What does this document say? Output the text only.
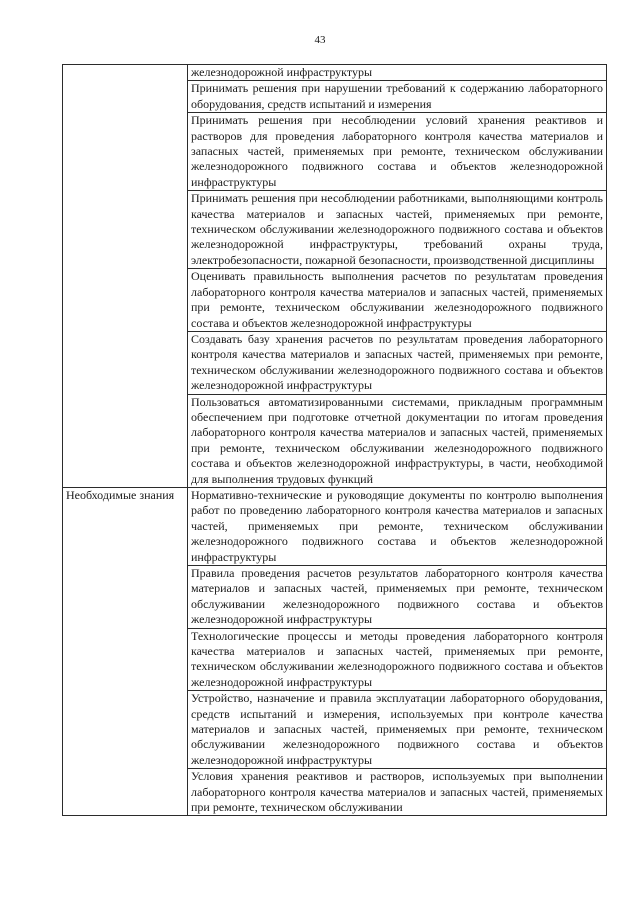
43
	железнодорожной инфраструктуры
	Принимать решения при нарушении требований к содержанию лабораторного оборудования, средств испытаний и измерения
	Принимать решения при несоблюдении условий хранения реактивов и растворов для проведения лабораторного контроля качества материалов и запасных частей, применяемых при ремонте, техническом обслуживании железнодорожного подвижного состава и объектов железнодорожной инфраструктуры
	Принимать решения при несоблюдении работниками, выполняющими контроль качества материалов и запасных частей, применяемых при ремонте, техническом обслуживании железнодорожного подвижного состава и объектов железнодорожной инфраструктуры, требований охраны труда, электробезопасности, пожарной безопасности, производственной дисциплины
	Оценивать правильность выполнения расчетов по результатам проведения лабораторного контроля качества материалов и запасных частей, применяемых при ремонте, техническом обслуживании железнодорожного подвижного состава и объектов железнодорожной инфраструктуры
	Создавать базу хранения расчетов по результатам проведения лабораторного контроля качества материалов и запасных частей, применяемых при ремонте, техническом обслуживании железнодорожного подвижного состава и объектов железнодорожной инфраструктуры
	Пользоваться автоматизированными системами, прикладным программным обеспечением при подготовке отчетной документации по итогам проведения лабораторного контроля качества материалов и запасных частей, применяемых при ремонте, техническом обслуживании железнодорожного подвижного состава и объектов железнодорожной инфраструктуры, в части, необходимой для выполнения трудовых функций
Необходимые знания	Нормативно-технические и руководящие документы по контролю выполнения работ по проведению лабораторного контроля качества материалов и запасных частей, применяемых при ремонте, техническом обслуживании железнодорожного подвижного состава и объектов железнодорожной инфраструктуры
	Правила проведения расчетов результатов лабораторного контроля качества материалов и запасных частей, применяемых при ремонте, техническом обслуживании железнодорожного подвижного состава и объектов железнодорожной инфраструктуры
	Технологические процессы и методы проведения лабораторного контроля качества материалов и запасных частей, применяемых при ремонте, техническом обслуживании железнодорожного подвижного состава и объектов железнодорожной инфраструктуры
	Устройство, назначение и правила эксплуатации лабораторного оборудования, средств испытаний и измерения, используемых при контроле качества материалов и запасных частей, применяемых при ремонте, техническом обслуживании железнодорожного подвижного состава и объектов железнодорожной инфраструктуры

	Условия хранения реактивов и растворов, используемых при выполнении лабораторного контроля качества материалов и запасных частей, применяемых при ремонте, техническом обслуживании
